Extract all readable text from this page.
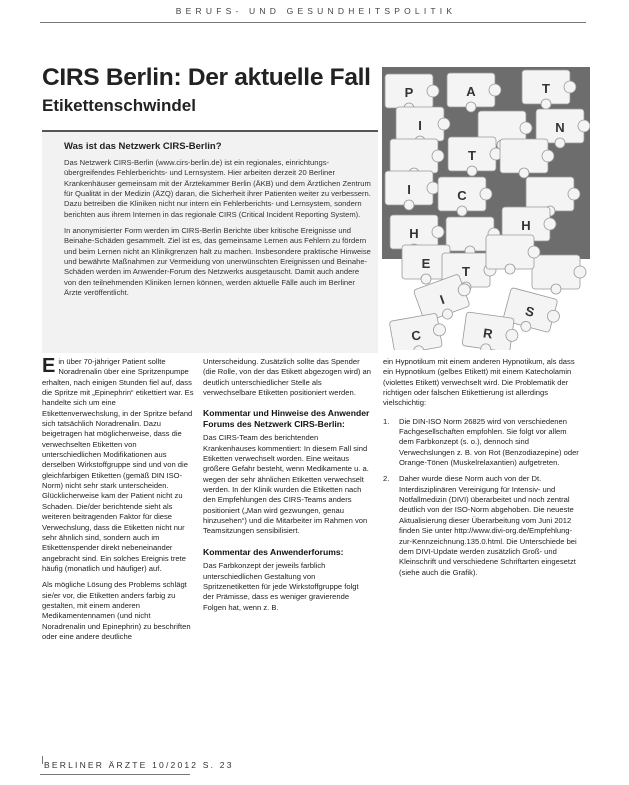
BERUFS- UND GESUNDHEITSPOLITIK
CIRS Berlin: Der aktuelle Fall
Etikettenschwindel
Was ist das Netzwerk CIRS-Berlin?

Das Netzwerk CIRS-Berlin (www.cirs-berlin.de) ist ein regionales, einrichtungs-übergreifendes Fehlerberichts- und Lernsystem. Hier arbeiten derzeit 20 Berliner Krankenhäuser gemeinsam mit der Ärztekammer Berlin (ÄKB) und dem Ärztlichen Zentrum für Qualität in der Medizin (ÄZQ) daran, die Sicherheit ihrer Patienten weiter zu verbessern. Dazu betreiben die Kliniken nicht nur intern ein Fehlerberichts- und Lernsystem, sondern berichten aus ihrem Internen in das regionale CIRS (Critical Incident Reporting System).

In anonymisierter Form werden im CIRS-Berlin Berichte über kritische Ereignisse und Beinahe-Schäden gesammelt. Ziel ist es, das gemeinsame Lernen aus Fehlern zu fördern und beim Lernen nicht an Klinikgrenzen halt zu machen. Insbesondere praktische Hinweise und bewährte Maßnahmen zur Vermeidung von unerwünschten Ereignissen und Beinahe-Schäden werden im Anwender-Forum des Netzwerks ausgetauscht. Damit auch andere von den teilnehmenden Kliniken lernen können, werden aktuelle Fälle auch im Berliner Ärzte veröffentlicht.

P	A	T
I	N
T
I	C
H
H
E
T
I
S
C	R

Ein über 70-jähriger Patient sollte Noradrenalin über eine Spritzenpumpe erhalten, nach einigen Stunden fiel auf, dass die Spritze mit „Epinephrin“ etikettiert war. Es handelte sich um eine Etikettenverwechslung, in der Spritze befand sich tatsächlich Noradrenalin. Dazu beigetragen hat möglicherweise, dass die verwechselten Etiketten von unterschiedlichen Modifikationen aus derselben Wirkstoffgruppe sind und von die gleichfarbigen Etiketten (gemäß DIN ISO-Norm) nicht sehr stark unterscheiden. Glücklicherweise kam der Patient nicht zu Schaden. Die/der berichtende sieht als weiteren beitragenden Faktor für diese Verwechslung, dass die Etiketten nicht nur sehr ähnlich sind, sondern auch im Etikettenspender direkt nebeneinander angebracht sind. Ein solches Ereignis trete häufig (monatlich und häufiger) auf.

Als mögliche Lösung des Problems schlägt sie/er vor, die Etiketten anders farbig zu gestalten, mit einem anderen Medikamentennamen (und nicht Noradrenalin und Epinephrin) zu beschriften oder eine andere deutliche

Unterscheidung. Zusätzlich sollte das Spender (die Rolle, von der das Etikett abgezogen wird) an deutlich unterschiedlicher Stelle als verwechselbare Etiketten positioniert werden.

Kommentar und Hinweise des Anwender Forums des Netzwerk CIRS-Berlin:

Das CIRS-Team des berichtenden Krankenhauses kommentiert: In diesem Fall sind Etiketten verwechselt worden. Eine weitaus größere Gefahr besteht, wenn Medikamente u. a. wegen der sehr ähnlichen Etiketten verwechselt werden. In der Klinik wurden die Etiketten nach den Empfehlungen des CIRS-Teams anders positioniert („Man wird gezwungen, genau hinzusehen“) und die Mitarbeiter im Rahmen von Teamsitzungen sensibilisiert.

Kommentar des Anwenderforums:

Das Farbkonzept der jeweils farblich unterschiedlichen Gestaltung von Spritzenetiketten für jede Wirkstoffgruppe folgt der Prämisse, dass es weniger gravierende Folgen hat, wenn z. B.

ein Hypnotikum mit einem anderen Hypnotikum, als dass ein Hypnotikum (gelbes Etikett) mit einem Katecholamin (violettes Etikett) verwechselt wird. Die Problematik der richtigen oder falschen Etikettierung ist allerdings vielschichtig:

1. Die DIN-ISO Norm 26825 wird von verschiedenen Fachgesellschaften empfohlen. Sie folgt vor allem dem Farbkonzept (s. o.), dennoch sind Verwechslungen z. B. von Rot (Benzodiazepine) oder Orange-Tönen (Muskelrelaxantien) aufgetreten.
2. Daher wurde diese Norm auch von der Dt. Interdisziplinären Vereinigung für Intensiv- und Notfallmedizin (DIVI) überarbeitet und noch zentral deutlich von der ISO-Norm abgehoben. Die neueste Aktualisierung dieser Überarbeitung vom Juni 2012 finden Sie unter http://www.divi-org.de/Empfehlung-zur-Kennzeichnung.135.0.html. Die Unterschiede bei dem DIVI-Update werden zusätzlich Groß- und Kleinschrift und verschiedene Schriftarten eingesetzt (siehe auch die Grafik).
BERLINER ÄRZTE 10/2012 S. 23
